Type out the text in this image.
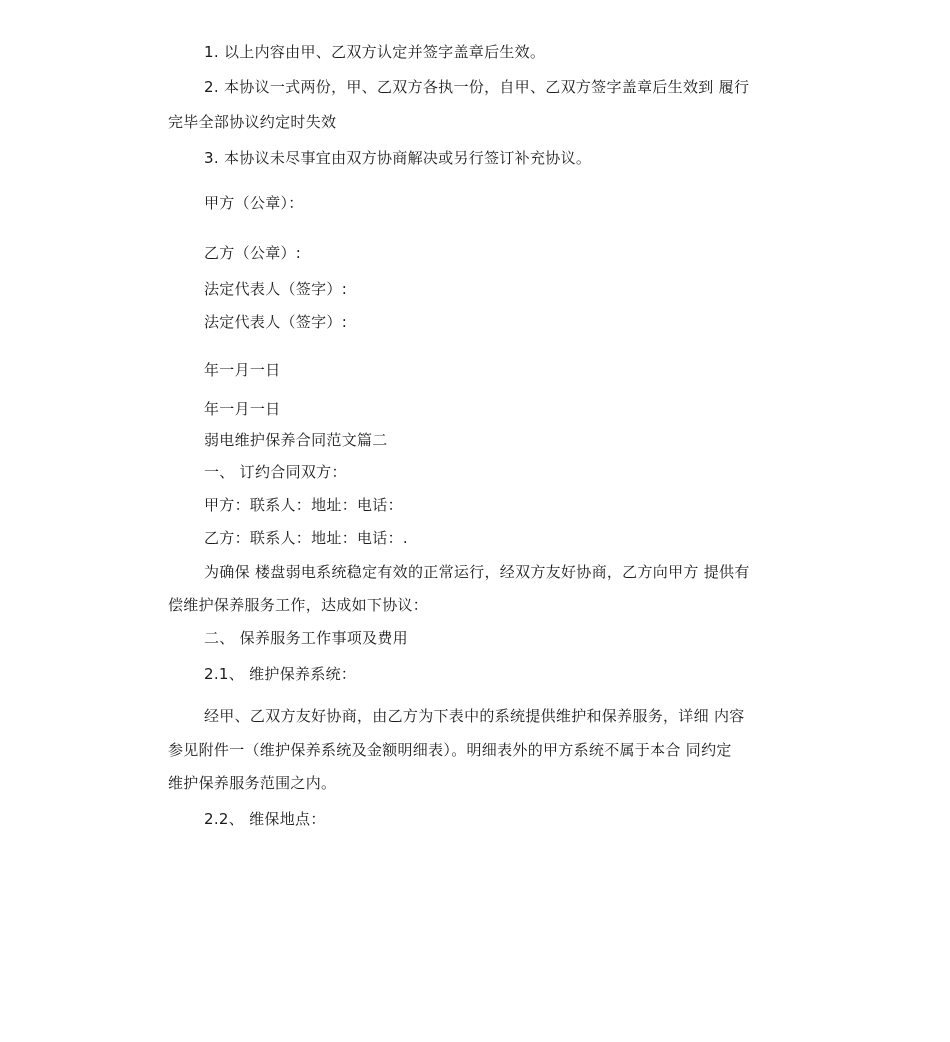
1. 以上内容由甲、乙双方认定并签字盖章后生效。
2. 本协议一式两份，甲、乙双方各执一份，自甲、乙双方签字盖章后生效到 履行
完毕全部协议约定时失效
3. 本协议未尽事宜由双方协商解决或另行签订补充协议。
甲方（公章）：
乙方（公章）:
法定代表人（签字）:
法定代表人（签字）:
年一月一日
年一月一日
弱电维护保养合同范文篇二
一、 订约合同双方：
甲方：联系人：地址：电话：
乙方：联系人：地址：电话：.
为确保 楼盘弱电系统稳定有效的正常运行，经双方友好协商，乙方向甲方 提供有
偿维护保养服务工作，达成如下协议：
二、 保养服务工作事项及费用
2.1、 维护保养系统：
经甲、乙双方友好协商，由乙方为下表中的系统提供维护和保养服务，详细 内容
参见附件一（维护保养系统及金额明细表）。明细表外的甲方系统不属于本合 同约定
维护保养服务范围之内。
2.2、 维保地点：
